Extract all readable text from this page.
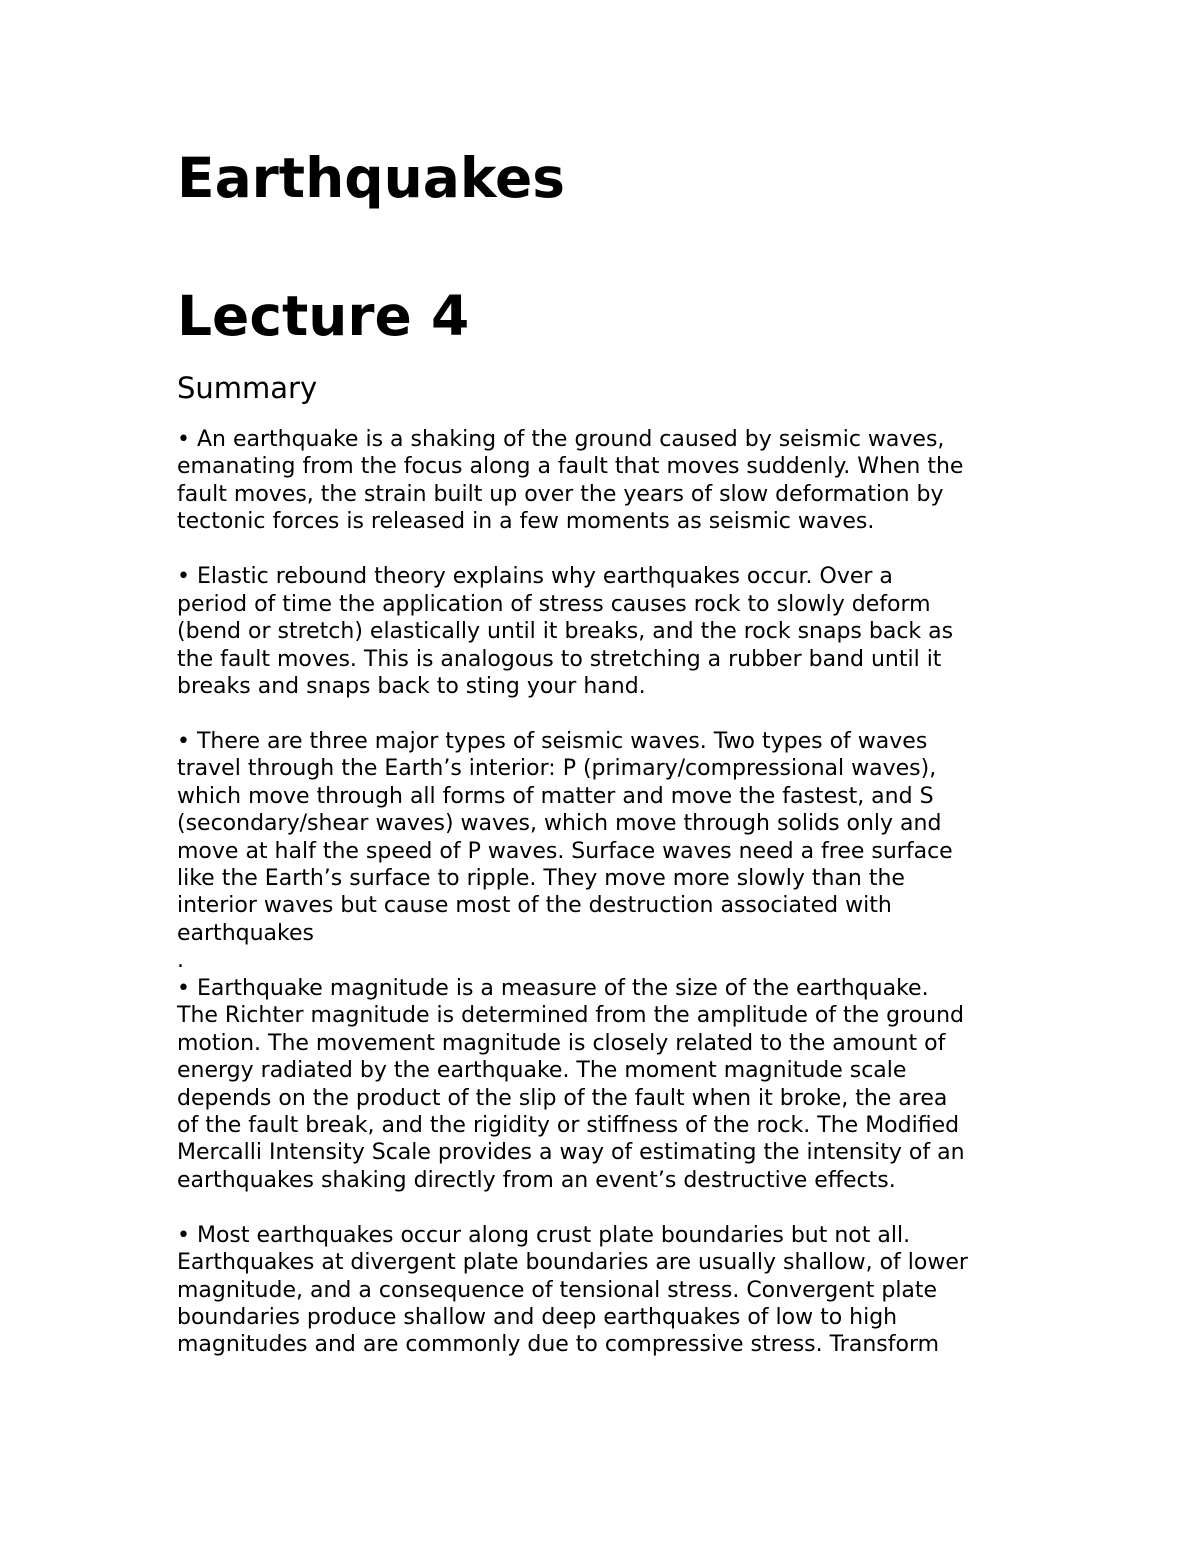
Earthquakes
Lecture 4
Summary
• An earthquake is a shaking of the ground caused by seismic waves,
emanating from the focus along a fault that moves suddenly. When the
fault moves, the strain built up over the years of slow deformation by
tectonic forces is released in a few moments as seismic waves.
• Elastic rebound theory explains why earthquakes occur. Over a
period of time the application of stress causes rock to slowly deform
(bend or stretch) elastically until it breaks, and the rock snaps back as
the fault moves. This is analogous to stretching a rubber band until it
breaks and snaps back to sting your hand.
• There are three major types of seismic waves. Two types of waves
travel through the Earth’s interior: P (primary/compressional waves),
which move through all forms of matter and move the fastest, and S
(secondary/shear waves) waves, which move through solids only and
move at half the speed of P waves. Surface waves need a free surface
like the Earth’s surface to ripple. They move more slowly than the
interior waves but cause most of the destruction associated with
earthquakes
.
• Earthquake magnitude is a measure of the size of the earthquake.
The Richter magnitude is determined from the amplitude of the ground
motion. The movement magnitude is closely related to the amount of
energy radiated by the earthquake. The moment magnitude scale
depends on the product of the slip of the fault when it broke, the area
of the fault break, and the rigidity or stiffness of the rock. The Modified
Mercalli Intensity Scale provides a way of estimating the intensity of an
earthquakes shaking directly from an event’s destructive effects.
• Most earthquakes occur along crust plate boundaries but not all.
Earthquakes at divergent plate boundaries are usually shallow, of lower
magnitude, and a consequence of tensional stress. Convergent plate
boundaries produce shallow and deep earthquakes of low to high
magnitudes and are commonly due to compressive stress. Transform
